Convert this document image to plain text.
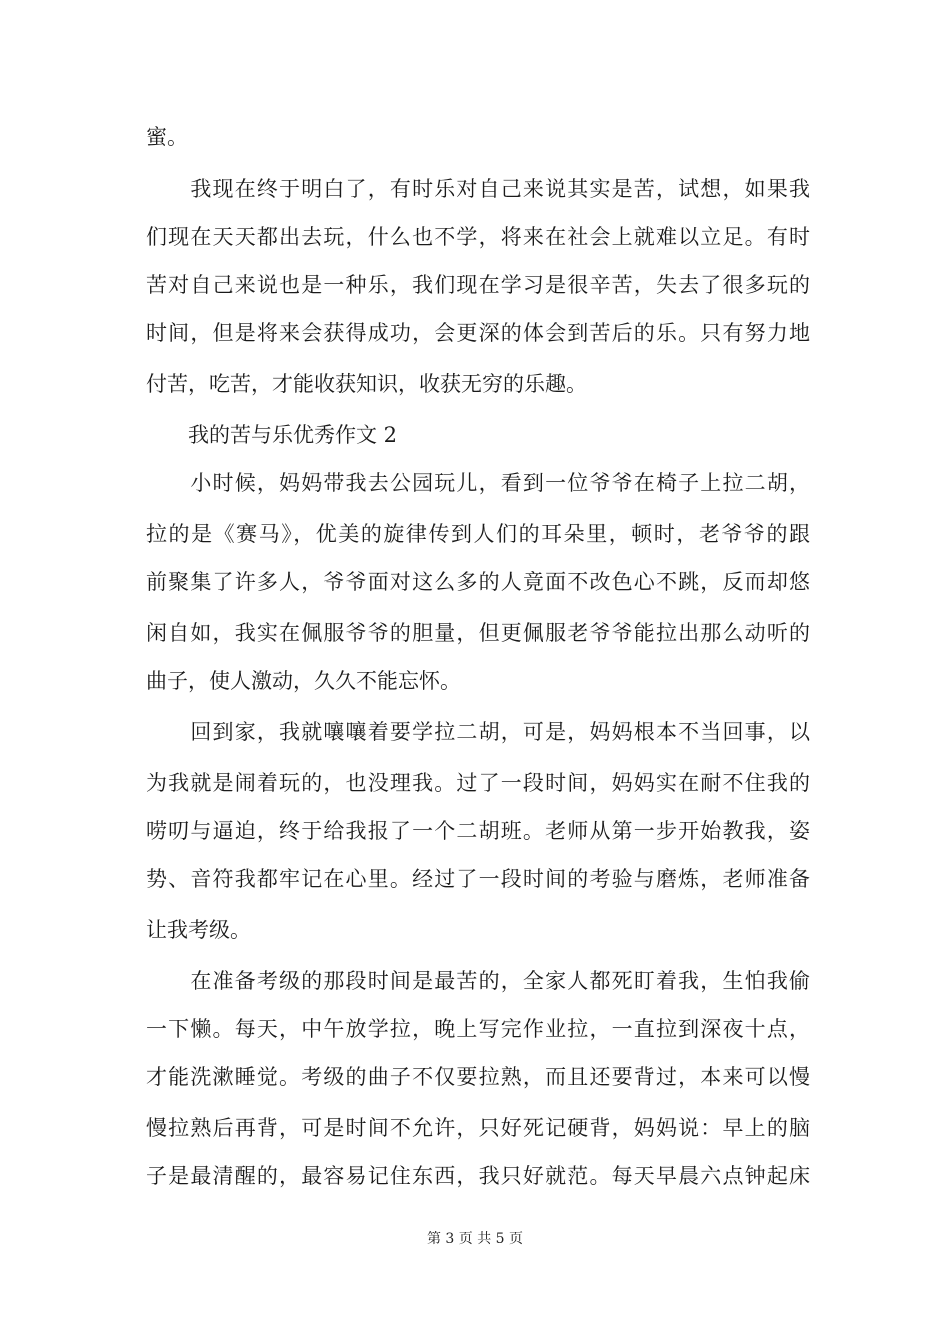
蜜。
　　我现在终于明白了，有时乐对自己来说其实是苦，试想，如果我
们现在天天都出去玩，什么也不学，将来在社会上就难以立足。有时
苦对自己来说也是一种乐，我们现在学习是很辛苦，失去了很多玩的
时间，但是将来会获得成功，会更深的体会到苦后的乐。只有努力地
付苦，吃苦，才能收获知识，收获无穷的乐趣。
　　我的苦与乐优秀作文 2
　　小时候，妈妈带我去公园玩儿，看到一位爷爷在椅子上拉二胡，
拉的是《赛马》，优美的旋律传到人们的耳朵里，顿时，老爷爷的跟
前聚集了许多人，爷爷面对这么多的人竟面不改色心不跳，反而却悠
闲自如，我实在佩服爷爷的胆量，但更佩服老爷爷能拉出那么动听的
曲子，使人激动，久久不能忘怀。
　　回到家，我就嚷嚷着要学拉二胡，可是，妈妈根本不当回事，以
为我就是闹着玩的，也没理我。过了一段时间，妈妈实在耐不住我的
唠叨与逼迫，终于给我报了一个二胡班。老师从第一步开始教我，姿
势、音符我都牢记在心里。经过了一段时间的考验与磨炼，老师准备
让我考级。
　　在准备考级的那段时间是最苦的，全家人都死盯着我，生怕我偷
一下懒。每天，中午放学拉，晚上写完作业拉，一直拉到深夜十点，
才能洗漱睡觉。考级的曲子不仅要拉熟，而且还要背过，本来可以慢
慢拉熟后再背，可是时间不允许，只好死记硬背，妈妈说：早上的脑
子是最清醒的，最容易记住东西，我只好就范。每天早晨六点钟起床
第 3 页 共 5 页
